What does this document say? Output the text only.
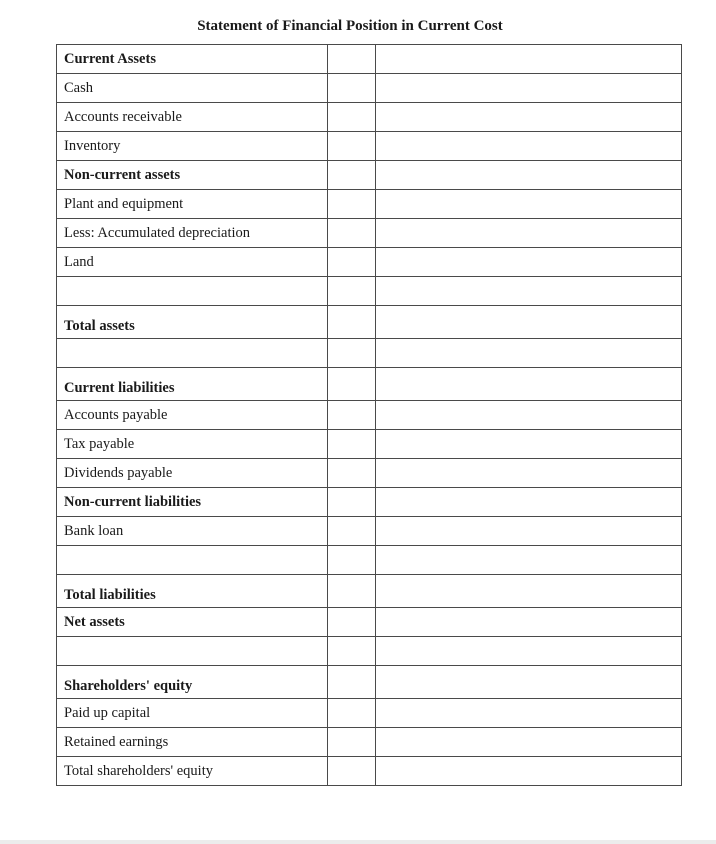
Statement of Financial Position in Current Cost
Current Assets		
Cash		
Accounts receivable		
Inventory		
Non-current assets		
Plant and equipment		
Less: Accumulated depreciation		
Land		

Total assets		

Current liabilities		
Accounts payable		
Tax payable		
Dividends payable		
Non-current liabilities		
Bank loan		

Total liabilities		
Net assets		

Shareholders' equity		
Paid up capital		
Retained earnings		
Total shareholders' equity		
